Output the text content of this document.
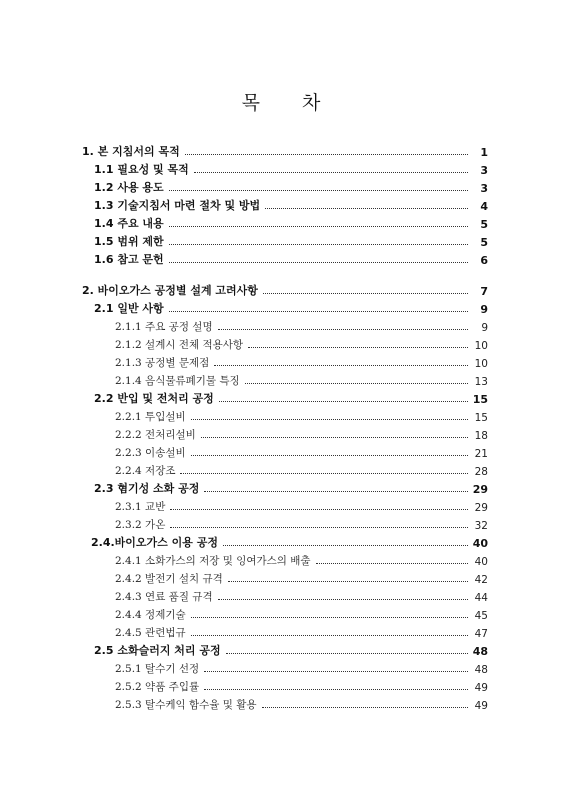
목 차
1. 본 지침서의 목적	1
1.1 필요성 및 목적	3
1.2 사용 용도	3
1.3 기술지침서 마련 절차 및 방법	4
1.4 주요 내용	5
1.5 범위 제한	5
1.6 참고 문헌	6
2. 바이오가스 공정별 설계 고려사항	7
2.1 일반 사항	9
2.1.1 주요 공정 설명	9
2.1.2 설계시 전체 적용사항	10
2.1.3 공정별 문제점	10
2.1.4 음식물류폐기물 특징	13
2.2 반입 및 전처리 공정	15
2.2.1 투입설비	15
2.2.2 전처리설비	18
2.2.3 이송설비	21
2.2.4 저장조	28
2.3 혐기성 소화 공정	29
2.3.1 교반	29
2.3.2 가온	32
2.4.바이오가스 이용 공정	40
2.4.1 소화가스의 저장 및 잉여가스의 배출	40
2.4.2 발전기 설치 규격	42
2.4.3 연료 품질 규격	44
2.4.4 정제기술	45
2.4.5 관련법규	47
2.5 소화슬러지 처리 공정	48
2.5.1 탈수기 선정	48
2.5.2 약품 주입률	49
2.5.3 탈수케익 함수율 및 활용	49
